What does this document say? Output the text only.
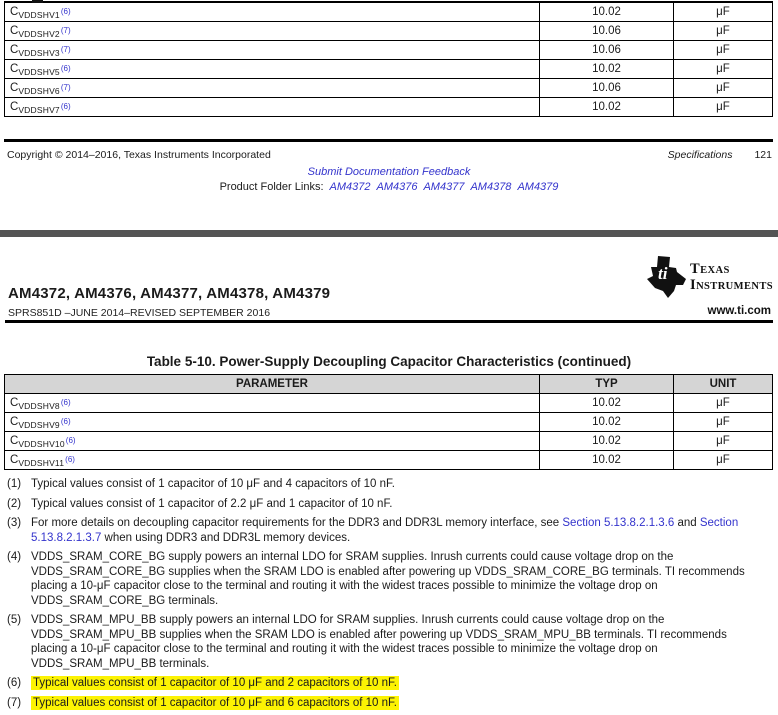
C VDDSHV1$^{(6)}$	10.02	μF
C VDDSHV2$^{(7)}$	10.06	μF
C VDDSHV3$^{(7)}$	10.06	μF
C VDDSHV5$^{(6)}$	10.02	μF
C VDDSHV6$^{(7)}$	10.06	μF
C VDDSHV7$^{(6)}$	10.02	μF
Copyright © 2014–2016, Texas Instruments Incorporated	Specifications 121
Submit Documentation Feedback
Product Folder Links: AM4372 AM4376 AM4377 AM4378 AM4379
ti TEXAS
INSTRUMENTS
AM4372, AM4376, AM4377, AM4378, AM4379
SPRS851D –JUNE 2014–REVISED SEPTEMBER 2016	www.ti.com
Table 5-10. Power-Supply Decoupling Capacitor Characteristics (continued)
PARAMETER	TYP	UNIT
C VDDSHV8$^{(6)}$	10.02	μF
C VDDSHV9$^{(6)}$	10.02	μF
C VDDSHV10$^{(6)}$	10.02	μF
C VDDSHV11$^{(6)}$	10.02	μF
(1) Typical values consist of 1 capacitor of 10 μF and 4 capacitors of 10 nF.
(2) Typical values consist of 1 capacitor of 2.2 μF and 1 capacitor of 10 nF.
(3) For more details on decoupling capacitor requirements for the DDR3 and DDR3L memory interface, see Section 5.13.8.2.1.3.6 and Section 5.13.8.2.1.3.7 when using DDR3 and DDR3L memory devices.
(4) VDDS_SRAM_CORE_BG supply powers an internal LDO for SRAM supplies. Inrush currents could cause voltage drop on the VDDS_SRAM_CORE_BG supplies when the SRAM LDO is enabled after powering up VDDS_SRAM_CORE_BG terminals. TI recommends placing a 10-μF capacitor close to the terminal and routing it with the widest traces possible to minimize the voltage drop on VDDS_SRAM_CORE_BG terminals.
(5) VDDS_SRAM_MPU_BB supply powers an internal LDO for SRAM supplies. Inrush currents could cause voltage drop on the VDDS_SRAM_MPU_BB supplies when the SRAM LDO is enabled after powering up VDDS_SRAM_MPU_BB terminals. TI recommends placing a 10-μF capacitor close to the terminal and routing it with the widest traces possible to minimize the voltage drop on VDDS_SRAM_MPU_BB terminals.
(6)	Typical values consist of 1 capacitor of 10 μF and 2 capacitors of 10 nF.
(7)	Typical values consist of 1 capacitor of 10 μF and 6 capacitors of 10 nF.
